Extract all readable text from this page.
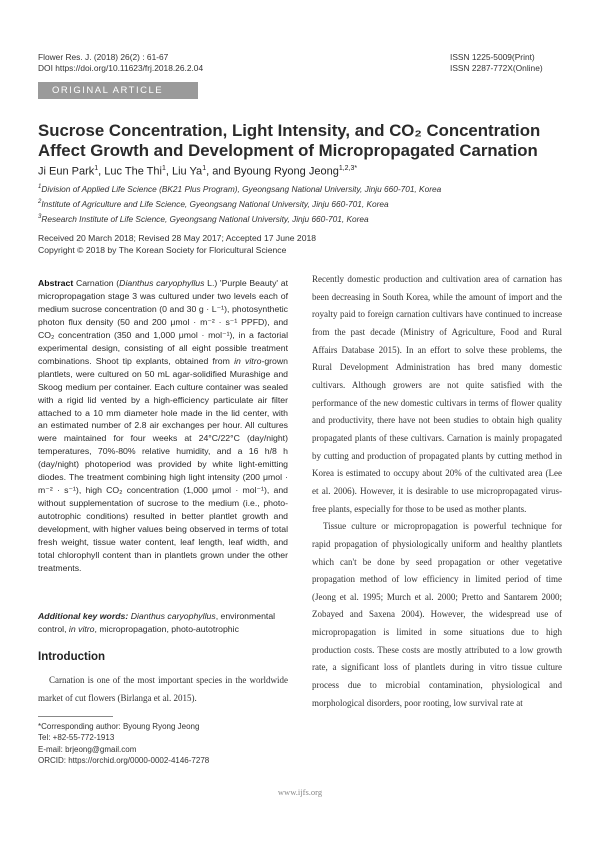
Flower Res. J. (2018) 26(2) : 61-67
DOI https://doi.org/10.11623/frj.2018.26.2.04
ISSN 1225-5009(Print)
ISSN 2287-772X(Online)
ORIGINAL ARTICLE
Sucrose Concentration, Light Intensity, and CO₂ Concentration
Affect Growth and Development of Micropropagated Carnation
Ji Eun Park$^1$, Luc The Thi$^1$, Liu Ya$^1$, and Byoung Ryong Jeong$^{1,2,3*}$
$^1$Division of Applied Life Science (BK21 Plus Program), Gyeongsang National University, Jinju 660-701, Korea
$^2$Institute of Agriculture and Life Science, Gyeongsang National University, Jinju 660-701, Korea
$^3$Research Institute of Life Science, Gyeongsang National University, Jinju 660-701, Korea
Received 20 March 2018; Revised 28 May 2017; Accepted 17 June 2018
Copyright © 2018 by The Korean Society for Floricultural Science
Abstract Carnation (Dianthus caryophyllus L.) 'Purple Beauty' at micropropagation stage 3 was cultured under two levels each of medium sucrose concentration (0 and 30 g · L⁻¹), photosynthetic photon flux density (50 and 200 μmol · m⁻² · s⁻¹ PPFD), and CO₂ concentration (350 and 1,000 μmol · mol⁻¹), in a factorial experimental design, consisting of all eight possible treatment combinations. Shoot tip explants, obtained from in vitro-grown plantlets, were cultured on 50 mL agar-solidified Murashige and Skoog medium per container. Each culture container was sealed with a rigid lid vented by a high-efficiency particulate air filter attached to a 10 mm diameter hole made in the lid center, with an estimated number of 2.8 air exchanges per hour. All cultures were maintained for four weeks at 24°C/22°C (day/night) temperatures, 70%-80% relative humidity, and a 16 h/8 h (day/night) photoperiod was provided by white light-emitting diodes. The treatment combining high light intensity (200 μmol · m⁻² · s⁻¹), high CO₂ concentration (1,000 μmol · mol⁻¹), and without supplementation of sucrose to the medium (i.e., photo-autotrophic conditions) resulted in better plantlet growth and development, with higher values being observed in terms of total fresh weight, tissue water content, leaf length, leaf width, and total chlorophyll content than in plantlets grown under the other treatments.
Additional key words: Dianthus caryophyllus, environmental control, in vitro, micropropagation, photo-autotrophic
Introduction
Carnation is one of the most important species in the worldwide market of cut flowers (Birlanga et al. 2015).
*Corresponding author: Byoung Ryong Jeong
Tel: +82-55-772-1913
E-mail: brjeong@gmail.com
ORCID: https://orchid.org/0000-0002-4146-7278

Recently domestic production and cultivation area of carnation has been decreasing in South Korea, while the amount of import and the royalty paid to foreign carnation cultivars have continued to increase from the past decade (Ministry of Agriculture, Food and Rural Affairs Database 2015). In an effort to solve these problems, the Rural Development Administration has bred many domestic cultivars. Although growers are not quite satisfied with the performance of the new domestic cultivars in terms of flower quality and productivity, there have not been studies to obtain high quality propagated plants of these cultivars. Carnation is mainly propagated by cutting and production of propagated plants by cutting method in Korea is estimated to occupy about 20% of the cultivated area (Lee et al. 2006). However, it is desirable to use micropropagated virus-free plants, especially for those to be used as mother plants.

Tissue culture or micropropagation is powerful technique for rapid propagation of physiologically uniform and healthy plantlets which can't be done by seed propagation or other vegetative propagation method of low efficiency in limited period of time (Jeong et al. 1995; Murch et al. 2000; Pretto and Santarem 2000; Zobayed and Saxena 2004). However, the widespread use of micropropagation is limited in some situations due to high production costs. These costs are mostly attributed to a low growth rate, a significant loss of plantlets during in vitro tissue culture process due to microbial contamination, physiological and morphological disorders, poor rooting, low survival rate at

www.ijfs.org
